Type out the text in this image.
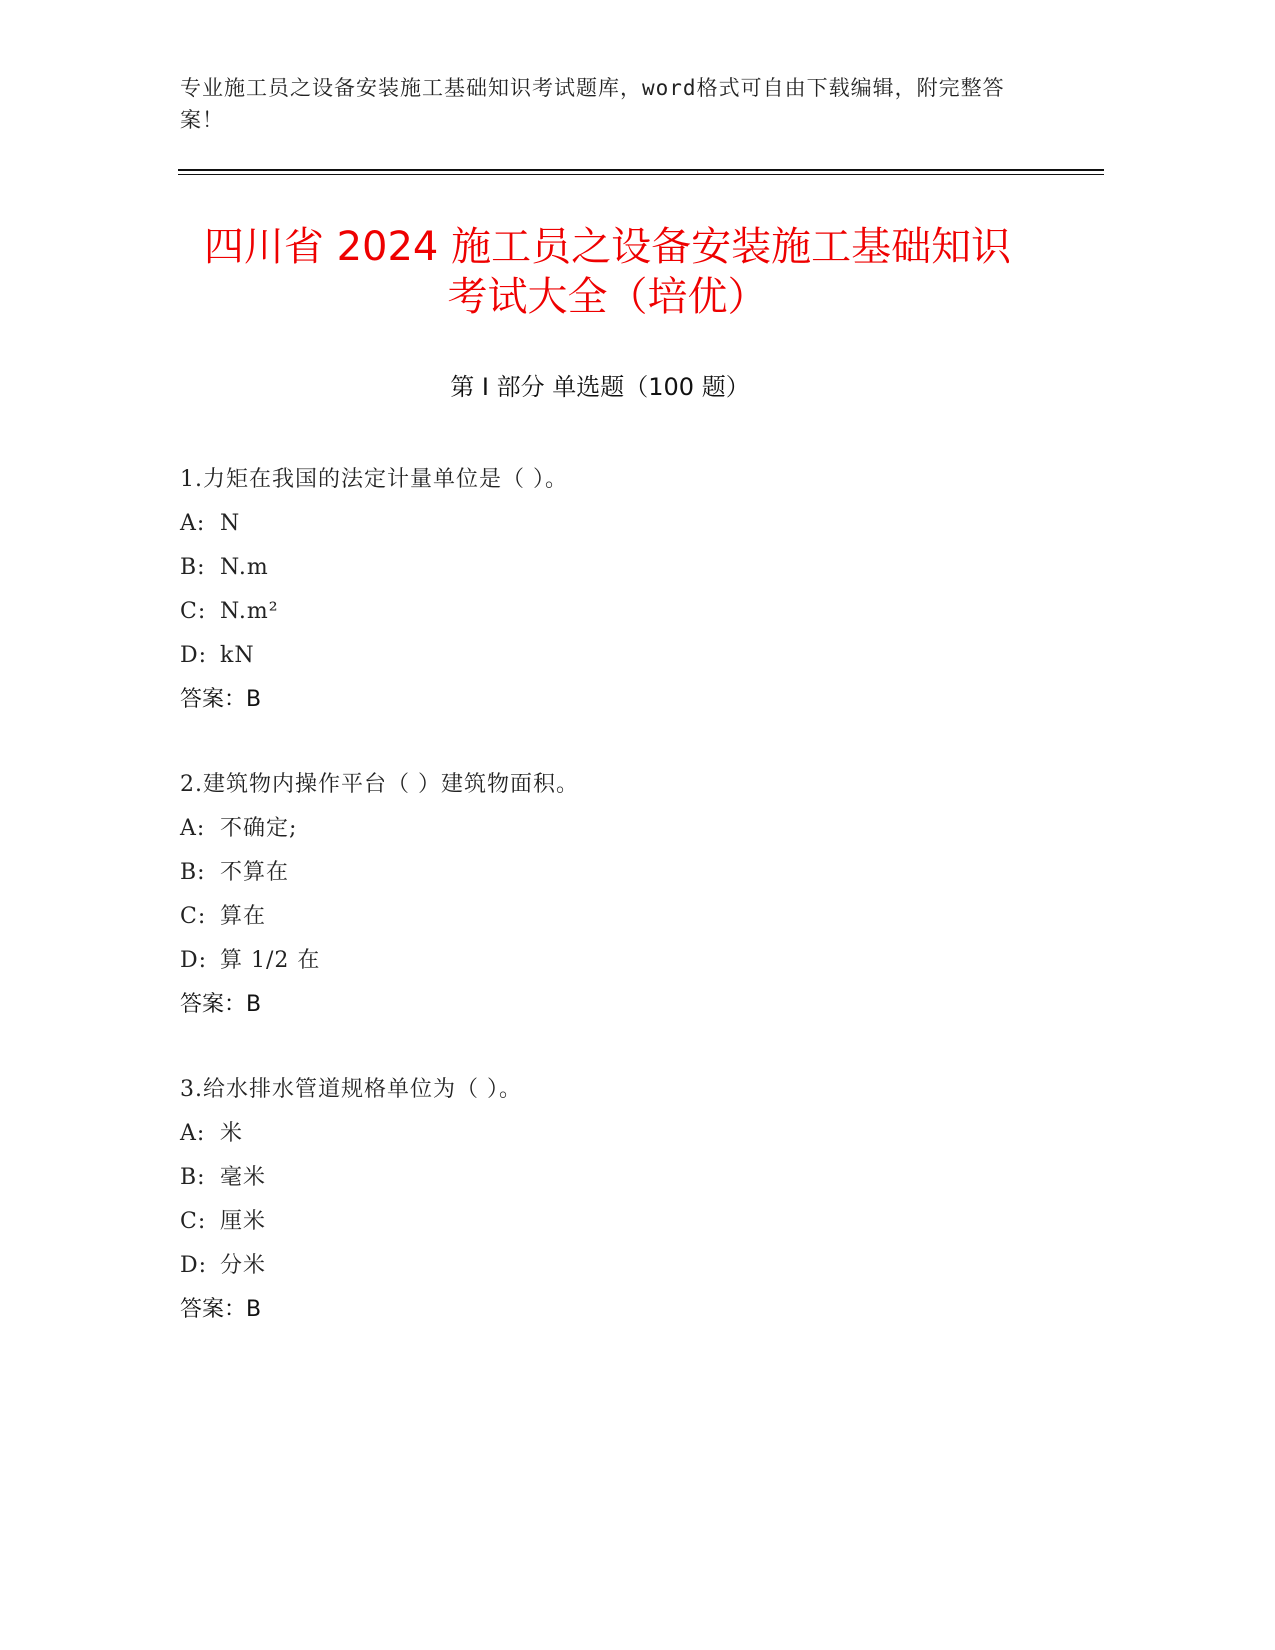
专业施工员之设备安装施工基础知识考试题库，word格式可自由下载编辑，附完整答案！
四川省 2024 施工员之设备安装施工基础知识
考试大全（培优）
第 I 部分 单选题（100 题）
1.力矩在我国的法定计量单位是（ ）。
A: N
B: N.m
C: N.m²
D: kN
答案：B
2.建筑物内操作平台（ ）建筑物面积。
A: 不确定;
B: 不算在
C: 算在
D: 算 1/2 在
答案：B
3.给水排水管道规格单位为（ ）。
A: 米
B: 毫米
C: 厘米
D: 分米
答案：B
